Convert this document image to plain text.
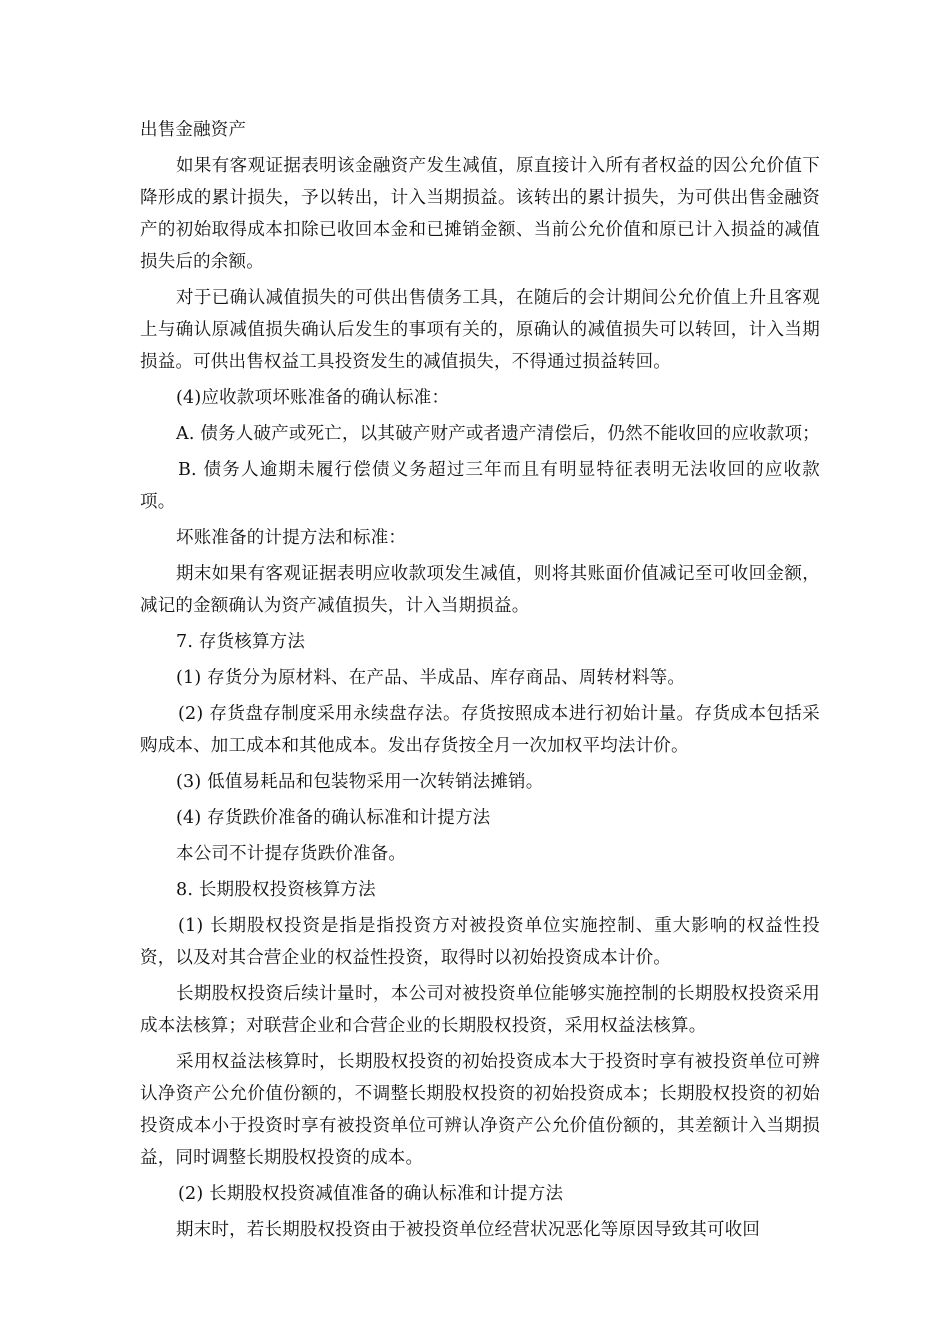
出售金融资产

如果有客观证据表明该金融资产发生减值，原直接计入所有者权益的因公允价值下降形成的累计损失，予以转出，计入当期损益。该转出的累计损失，为可供出售金融资产的初始取得成本扣除已收回本金和已摊销金额、当前公允价值和原已计入损益的减值损失后的余额。

对于已确认减值损失的可供出售债务工具，在随后的会计期间公允价值上升且客观上与确认原减值损失确认后发生的事项有关的，原确认的减值损失可以转回，计入当期损益。可供出售权益工具投资发生的减值损失，不得通过损益转回。

(4)应收款项坏账准备的确认标准：

A. 债务人破产或死亡，以其破产财产或者遗产清偿后，仍然不能收回的应收款项；

B. 债务人逾期未履行偿债义务超过三年而且有明显特征表明无法收回的应收款项。

坏账准备的计提方法和标准：

期末如果有客观证据表明应收款项发生减值，则将其账面价值减记至可收回金额，减记的金额确认为资产减值损失，计入当期损益。

7. 存货核算方法

(1) 存货分为原材料、在产品、半成品、库存商品、周转材料等。

(2) 存货盘存制度采用永续盘存法。存货按照成本进行初始计量。存货成本包括采购成本、加工成本和其他成本。发出存货按全月一次加权平均法计价。

(3) 低值易耗品和包装物采用一次转销法摊销。

(4) 存货跌价准备的确认标准和计提方法

本公司不计提存货跌价准备。

8. 长期股权投资核算方法

(1) 长期股权投资是指是指投资方对被投资单位实施控制、重大影响的权益性投资，以及对其合营企业的权益性投资，取得时以初始投资成本计价。

长期股权投资后续计量时，本公司对被投资单位能够实施控制的长期股权投资采用成本法核算；对联营企业和合营企业的长期股权投资，采用权益法核算。

采用权益法核算时，长期股权投资的初始投资成本大于投资时享有被投资单位可辨认净资产公允价值份额的，不调整长期股权投资的初始投资成本；长期股权投资的初始投资成本小于投资时享有被投资单位可辨认净资产公允价值份额的，其差额计入当期损益，同时调整长期股权投资的成本。

(2) 长期股权投资减值准备的确认标准和计提方法

期末时，若长期股权投资由于被投资单位经营状况恶化等原因导致其可收回
